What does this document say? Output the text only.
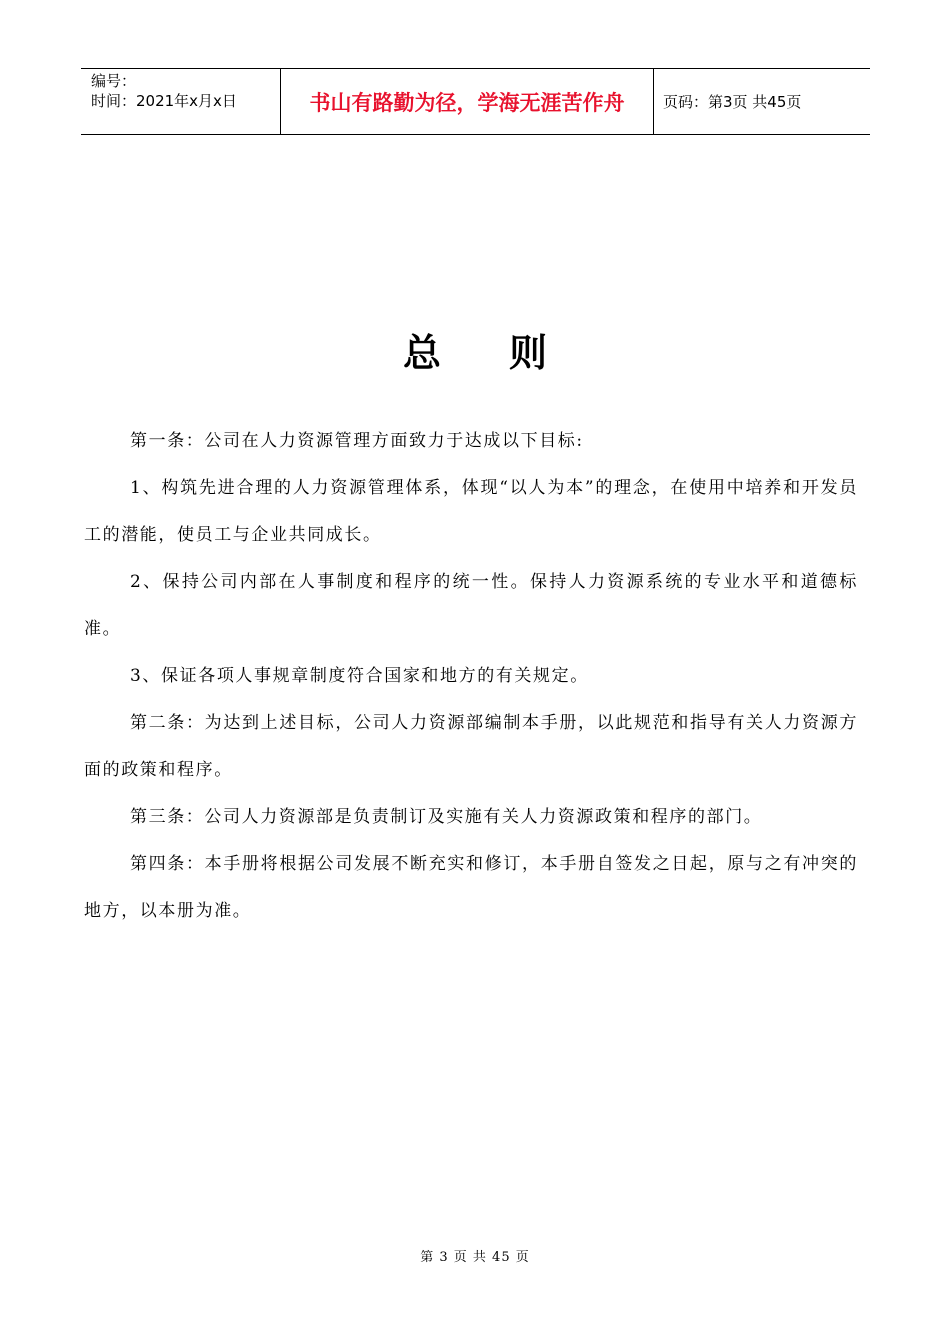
编号：
时间：2021年x月x日	书山有路勤为径，学海无涯苦作舟	页码：第3页 共45页
总则

第一条：公司在人力资源管理方面致力于达成以下目标:

1、构筑先进合理的人力资源管理体系，体现“以人为本”的理念，在使用中培养和开发员工的潜能，使员工与企业共同成长。

2、保持公司内部在人事制度和程序的统一性。保持人力资源系统的专业水平和道德标准。

3、保证各项人事规章制度符合国家和地方的有关规定。

第二条：为达到上述目标，公司人力资源部编制本手册，以此规范和指导有关人力资源方面的政策和程序。

第三条：公司人力资源部是负责制订及实施有关人力资源政策和程序的部门。

第四条：本手册将根据公司发展不断充实和修订，本手册自签发之日起，原与之有冲突的地方，以本册为准。

第 3 页 共 45 页
